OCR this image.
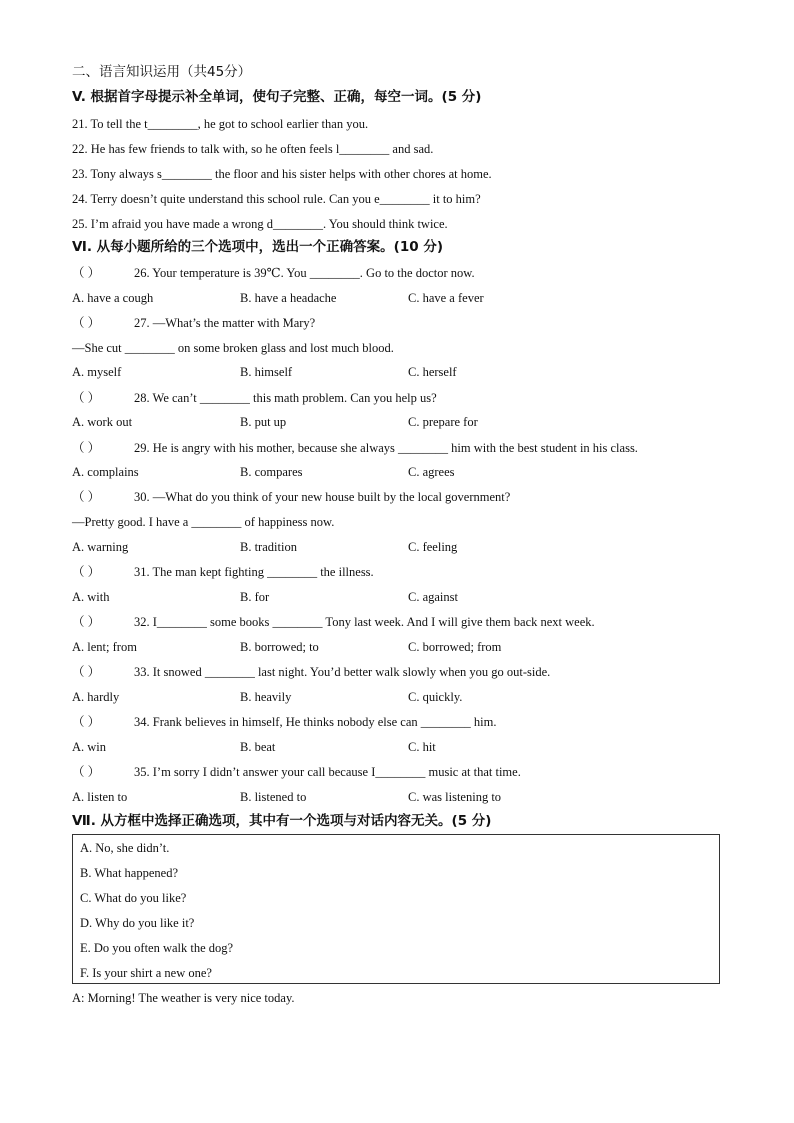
二、语言知识运用（共45分）
V. 根据首字母提示补全单词，使句子完整、正确，每空一词。(5 分)
21. To tell the t________, he got to school earlier than you.
22. He has few friends to talk with, so he often feels l________ and sad.
23. Tony always s________ the floor and his sister helps with other chores at home.
24. Terry doesn’t quite understand this school rule. Can you e________ it to him?
25. I’m afraid you have made a wrong d________. You should think twice.
Ⅵ. 从每小题所给的三个选项中，选出一个正确答案。(10 分)
（ ）	26. Your temperature is 39℃. You ________. Go to the doctor now.
A. have a cough	B. have a headache	C. have a fever
（ ）	27. —What’s the matter with Mary?
—She cut ________ on some broken glass and lost much blood.
A. myself	B. himself	C. herself
（ ）	28. We can’t ________ this math problem. Can you help us?
A. work out	B. put up	C. prepare for
（ ）	29. He is angry with his mother, because she always ________ him with the best student in his class.
A. complains	B. compares	C. agrees
（ ）	30. —What do you think of your new house built by the local government?
—Pretty good. I have a ________ of happiness now.
A. warning	B. tradition	C. feeling
（ ）	31. The man kept fighting ________ the illness.
A. with	B. for	C. against
（ ）	32. I________ some books ________ Tony last week. And I will give them back next week.
A. lent; from	B. borrowed; to	C. borrowed; from
（ ）	33. It snowed ________ last night. You’d better walk slowly when you go out-side.
A. hardly	B. heavily	C. quickly.
（ ）	34. Frank believes in himself, He thinks nobody else can ________ him.
A. win	B. beat	C. hit
（ ）	35. I’m sorry I didn’t answer your call because I________ music at that time.
A. listen to	B. listened to	C. was listening to
Ⅶ. 从方框中选择正确选项，其中有一个选项与对话内容无关。(5 分)
A. No, she didn’t.
B. What happened?
C. What do you like?
D. Why do you like it?
E. Do you often walk the dog?
F. Is your shirt a new one?
A: Morning! The weather is very nice today.
